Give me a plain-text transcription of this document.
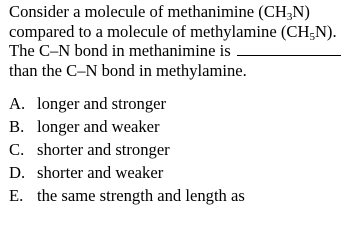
Consider a molecule of methanimine $(CH_3N)$
compared to a molecule of methylamine $(CH_5N)$.
The C–N bond in methanimine is
than the C–N bond in methylamine.
A. longer and stronger
B. longer and weaker
C. shorter and stronger
D. shorter and weaker
E. the same strength and length as
